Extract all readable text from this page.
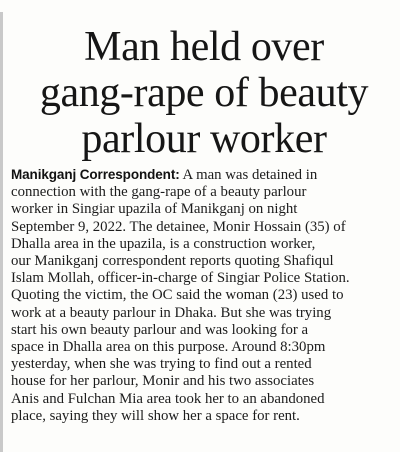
Man held over
gang-rape of beauty
parlour worker
Manikganj Correspondent: A man was detained in
connection with the gang-rape of a beauty parlour
worker in Singiar upazila of Manikganj on night
September 9, 2022. The detainee, Monir Hossain (35) of
Dhalla area in the upazila, is a construction worker,
our Manikganj correspondent reports quoting Shafiqul
Islam Mollah, officer-in-charge of Singiar Police Station.
Quoting the victim, the OC said the woman (23) used to
work at a beauty parlour in Dhaka. But she was trying
start his own beauty parlour and was looking for a
space in Dhalla area on this purpose. Around 8:30pm
yesterday, when she was trying to find out a rented
house for her parlour, Monir and his two associates
Anis and Fulchan Mia area took her to an abandoned
place, saying they will show her a space for rent.
